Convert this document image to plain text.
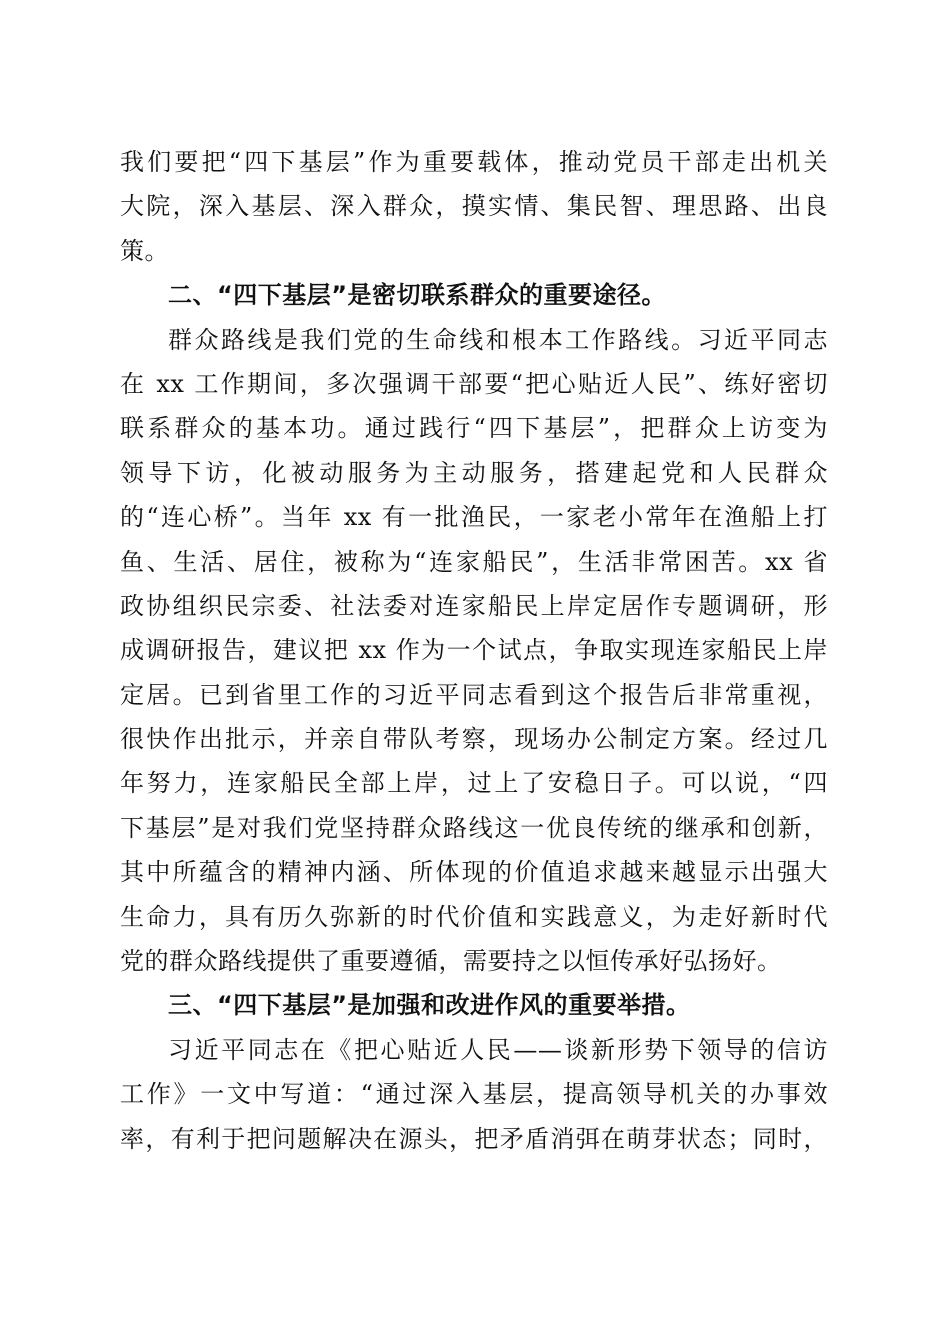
我们要把“四下基层”作为重要载体，推动党员干部走出机关
大院，深入基层、深入群众，摸实情、集民智、理思路、出良
策。
二、“四下基层”是密切联系群众的重要途径。
群众路线是我们党的生命线和根本工作路线。习近平同志
在 xx 工作期间，多次强调干部要“把心贴近人民”、练好密切
联系群众的基本功。通过践行“四下基层”，把群众上访变为
领导下访，化被动服务为主动服务，搭建起党和人民群众
的“连心桥”。当年 xx 有一批渔民，一家老小常年在渔船上打
鱼、生活、居住，被称为“连家船民”，生活非常困苦。xx 省
政协组织民宗委、社法委对连家船民上岸定居作专题调研，形
成调研报告，建议把 xx 作为一个试点，争取实现连家船民上岸
定居。已到省里工作的习近平同志看到这个报告后非常重视，
很快作出批示，并亲自带队考察，现场办公制定方案。经过几
年努力，连家船民全部上岸，过上了安稳日子。可以说，“四
下基层”是对我们党坚持群众路线这一优良传统的继承和创新，
其中所蕴含的精神内涵、所体现的价值追求越来越显示出强大
生命力，具有历久弥新的时代价值和实践意义，为走好新时代
党的群众路线提供了重要遵循，需要持之以恒传承好弘扬好。
三、“四下基层”是加强和改进作风的重要举措。
习近平同志在《把心贴近人民——谈新形势下领导的信访
工作》一文中写道：“通过深入基层，提高领导机关的办事效
率，有利于把问题解决在源头，把矛盾消弭在萌芽状态；同时，
